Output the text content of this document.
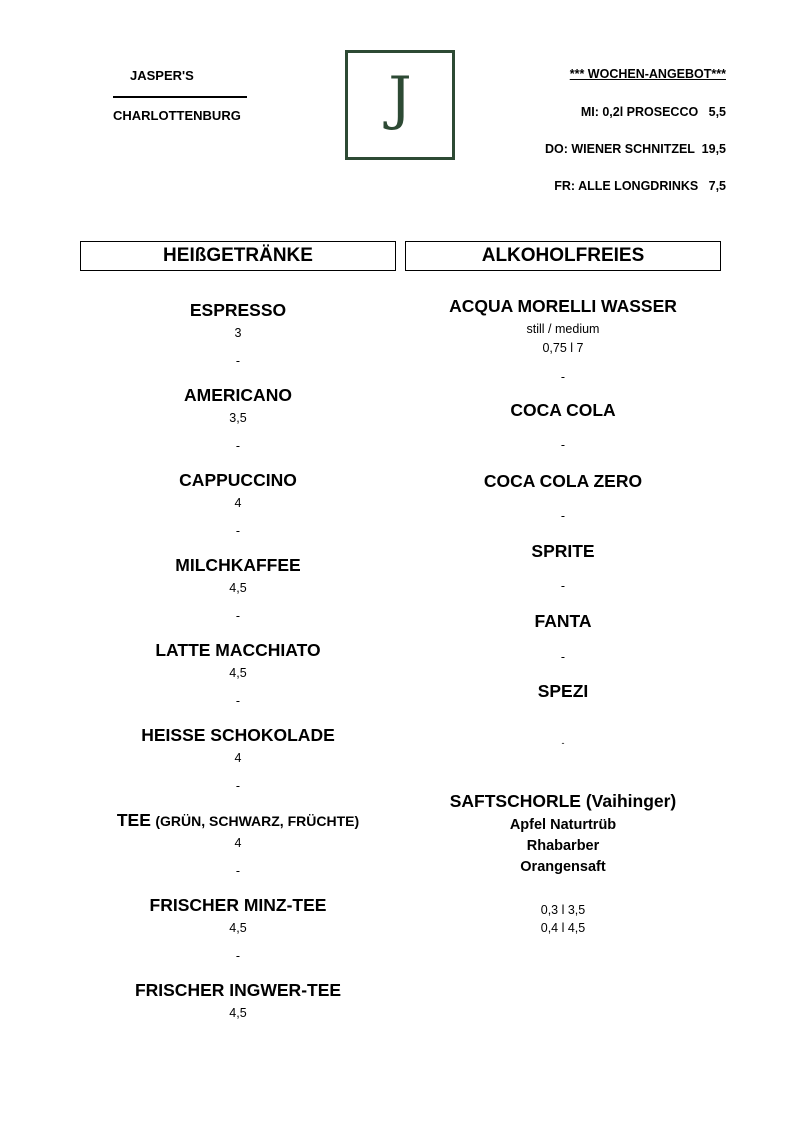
JASPER'S
CHARLOTTENBURG	J	*** WOCHEN-ANGEBOT***
MI: 0,2l PROSECCO   5,5
DO: WIENER SCHNITZEL  19,5
FR: ALLE LONGDRINKS   7,5
HEIßGETRÄNKE	ALKOHOLFREIES
ESPRESSO
3
-
AMERICANO
3,5
-
CAPPUCCINO
4
-
MILCHKAFFEE
4,5
-
LATTE MACCHIATO
4,5
-
HEISSE SCHOKOLADE
4
-
TEE (GRÜN, SCHWARZ, FRÜCHTE)
4
-
FRISCHER MINZ-TEE
4,5
-
FRISCHER INGWER-TEE
4,5
ACQUA MORELLI WASSER
still / medium
0,75 l 7
-
COCA COLA
-
COCA COLA ZERO
-
SPRITE
-
FANTA
-
SPEZI
-
SAFTSCHORLE (Vaihinger)
Apfel Naturtrüb
Rhabarber
Orangensaft
0,3 l 3,5
0,4 l 4,5
